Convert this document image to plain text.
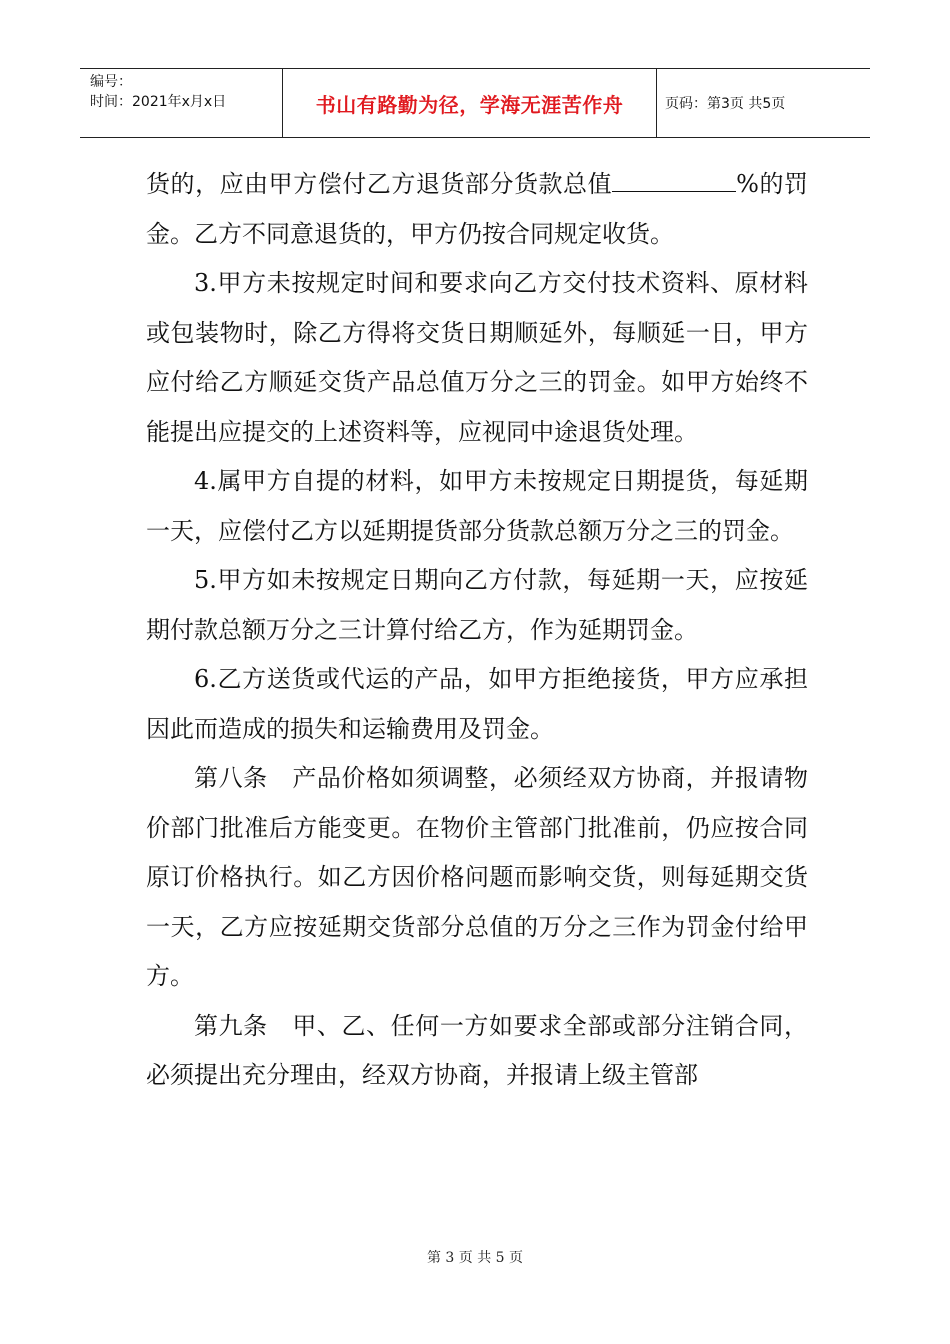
编号：
时间：2021年x月x日	书山有路勤为径，学海无涯苦作舟	页码：第3页 共5页

货的，应由甲方偿付乙方退货部分货款总值	%的罚金。乙方不同意退货的，甲方仍按合同规定收货。

3.甲方未按规定时间和要求向乙方交付技术资料、原材料或包装物时，除乙方得将交货日期顺延外，每顺延一日，甲方应付给乙方顺延交货产品总值万分之三的罚金。如甲方始终不能提出应提交的上述资料等，应视同中途退货处理。

4.属甲方自提的材料，如甲方未按规定日期提货，每延期一天，应偿付乙方以延期提货部分货款总额万分之三的罚金。

5.甲方如未按规定日期向乙方付款，每延期一天，应按延期付款总额万分之三计算付给乙方，作为延期罚金。

6.乙方送货或代运的产品，如甲方拒绝接货，甲方应承担因此而造成的损失和运输费用及罚金。

第八条　产品价格如须调整，必须经双方协商，并报请物价部门批准后方能变更。在物价主管部门批准前，仍应按合同原订价格执行。如乙方因价格问题而影响交货，则每延期交货一天，乙方应按延期交货部分总值的万分之三作为罚金付给甲方。

第九条　甲、乙、任何一方如要求全部或部分注销合同，必须提出充分理由，经双方协商，并报请上级主管部

第 3 页 共 5 页
